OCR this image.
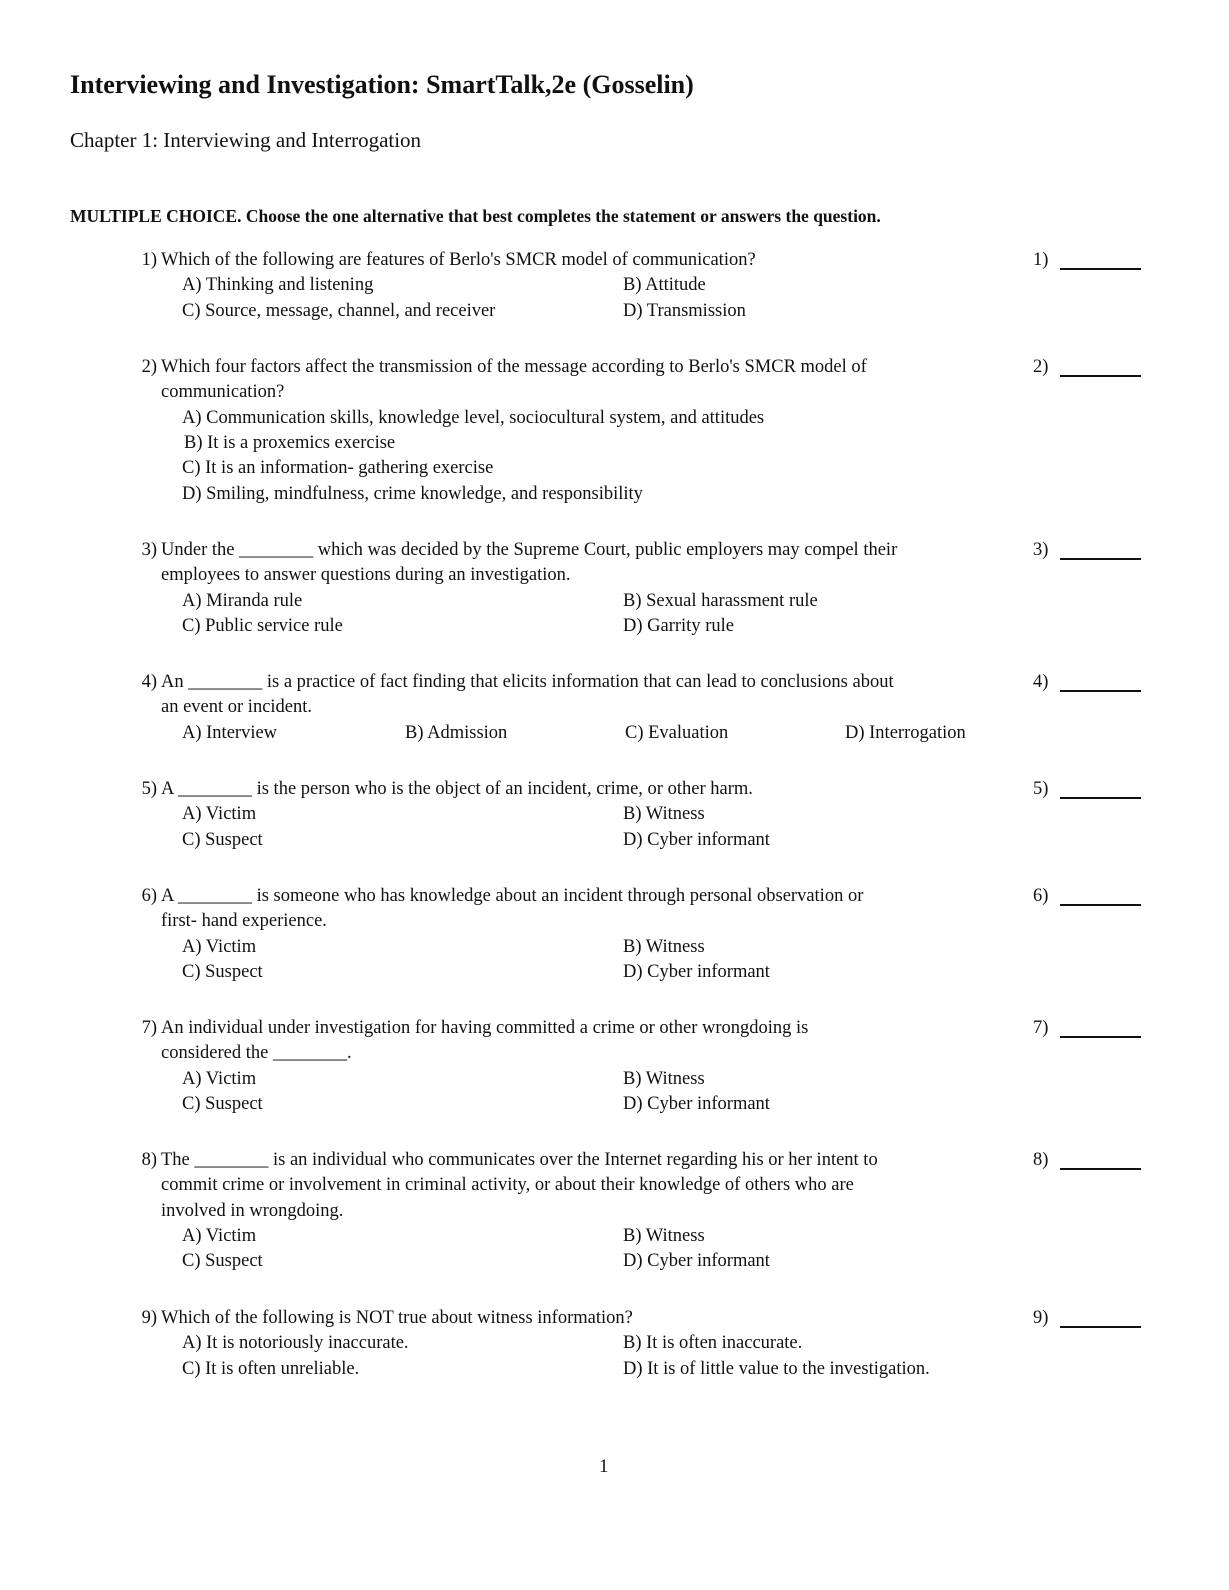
Interviewing and Investigation: SmartTalk,2e (Gosselin)
Chapter 1: Interviewing and Interrogation
MULTIPLE CHOICE. Choose the one alternative that best completes the statement or answers the question.
1) Which of the following are features of Berlo's SMCR model of communication?
A) Thinking and listening	B) Attitude
C) Source, message, channel, and receiver	D) Transmission
1)
2) Which four factors affect the transmission of the message according to Berlo's SMCR model of
communication?
A) Communication skills, knowledge level, sociocultural system, and attitudes
B) It is a proxemics exercise
C) It is an information- gathering exercise
D) Smiling, mindfulness, crime knowledge, and responsibility
2)
3) Under the ________ which was decided by the Supreme Court, public employers may compel their
employees to answer questions during an investigation.
A) Miranda rule	B) Sexual harassment rule
C) Public service rule	D) Garrity rule
3)
4) An ________ is a practice of fact finding that elicits information that can lead to conclusions about
an event or incident.
A) Interview	B) Admission	C) Evaluation	D) Interrogation
4)
5) A ________ is the person who is the object of an incident, crime, or other harm.
A) Victim	B) Witness
C) Suspect	D) Cyber informant
5)
6) A ________ is someone who has knowledge about an incident through personal observation or
first- hand experience.
A) Victim	B) Witness
C) Suspect	D) Cyber informant
6)
7) An individual under investigation for having committed a crime or other wrongdoing is
considered the ________.
A) Victim	B) Witness
C) Suspect	D) Cyber informant
7)
8) The ________ is an individual who communicates over the Internet regarding his or her intent to
commit crime or involvement in criminal activity, or about their knowledge of others who are
involved in wrongdoing.
A) Victim	B) Witness
C) Suspect	D) Cyber informant
8)
9) Which of the following is NOT true about witness information?
A) It is notoriously inaccurate.	B) It is often inaccurate.
C) It is often unreliable.	D) It is of little value to the investigation.
9)
1
